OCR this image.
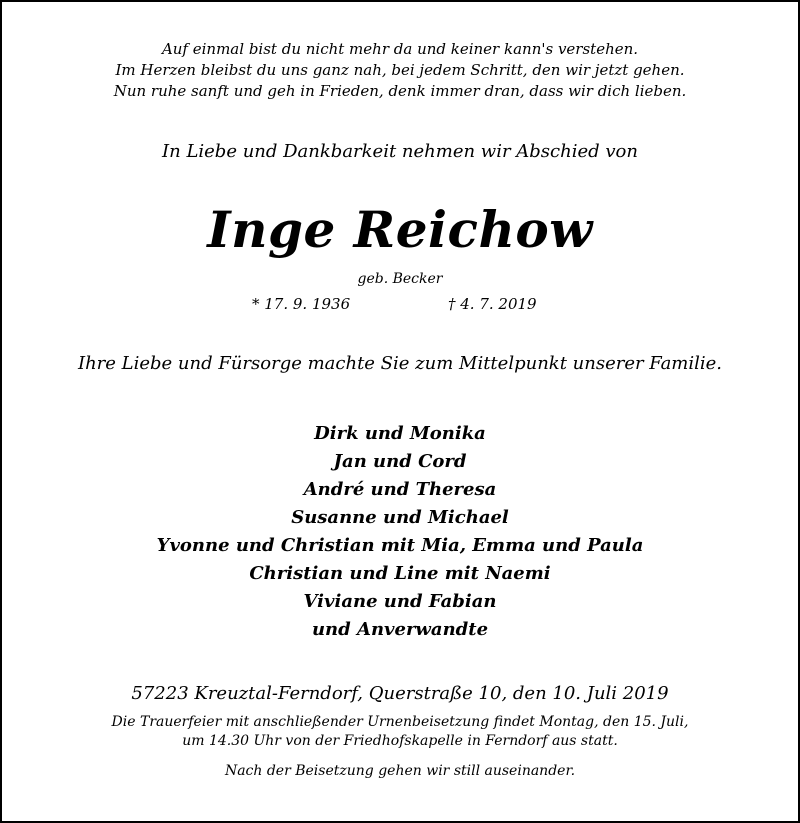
Auf einmal bist du nicht mehr da und keiner kann's verstehen.
Im Herzen bleibst du uns ganz nah, bei jedem Schritt, den wir jetzt gehen.
Nun ruhe sanft und geh in Frieden, denk immer dran, dass wir dich lieben.
In Liebe und Dankbarkeit nehmen wir Abschied von
Inge Reichow
geb. Becker
* 17. 9. 1936	† 4. 7. 2019
Ihre Liebe und Fürsorge machte Sie zum Mittelpunkt unserer Familie.
Dirk und Monika
Jan und Cord
André und Theresa
Susanne und Michael
Yvonne und Christian mit Mia, Emma und Paula
Christian und Line mit Naemi
Viviane und Fabian
und Anverwandte
57223 Kreuztal-Ferndorf, Querstraße 10, den 10. Juli 2019
Die Trauerfeier mit anschließender Urnenbeisetzung findet Montag, den 15. Juli,
um 14.30 Uhr von der Friedhofskapelle in Ferndorf aus statt.
Nach der Beisetzung gehen wir still auseinander.
